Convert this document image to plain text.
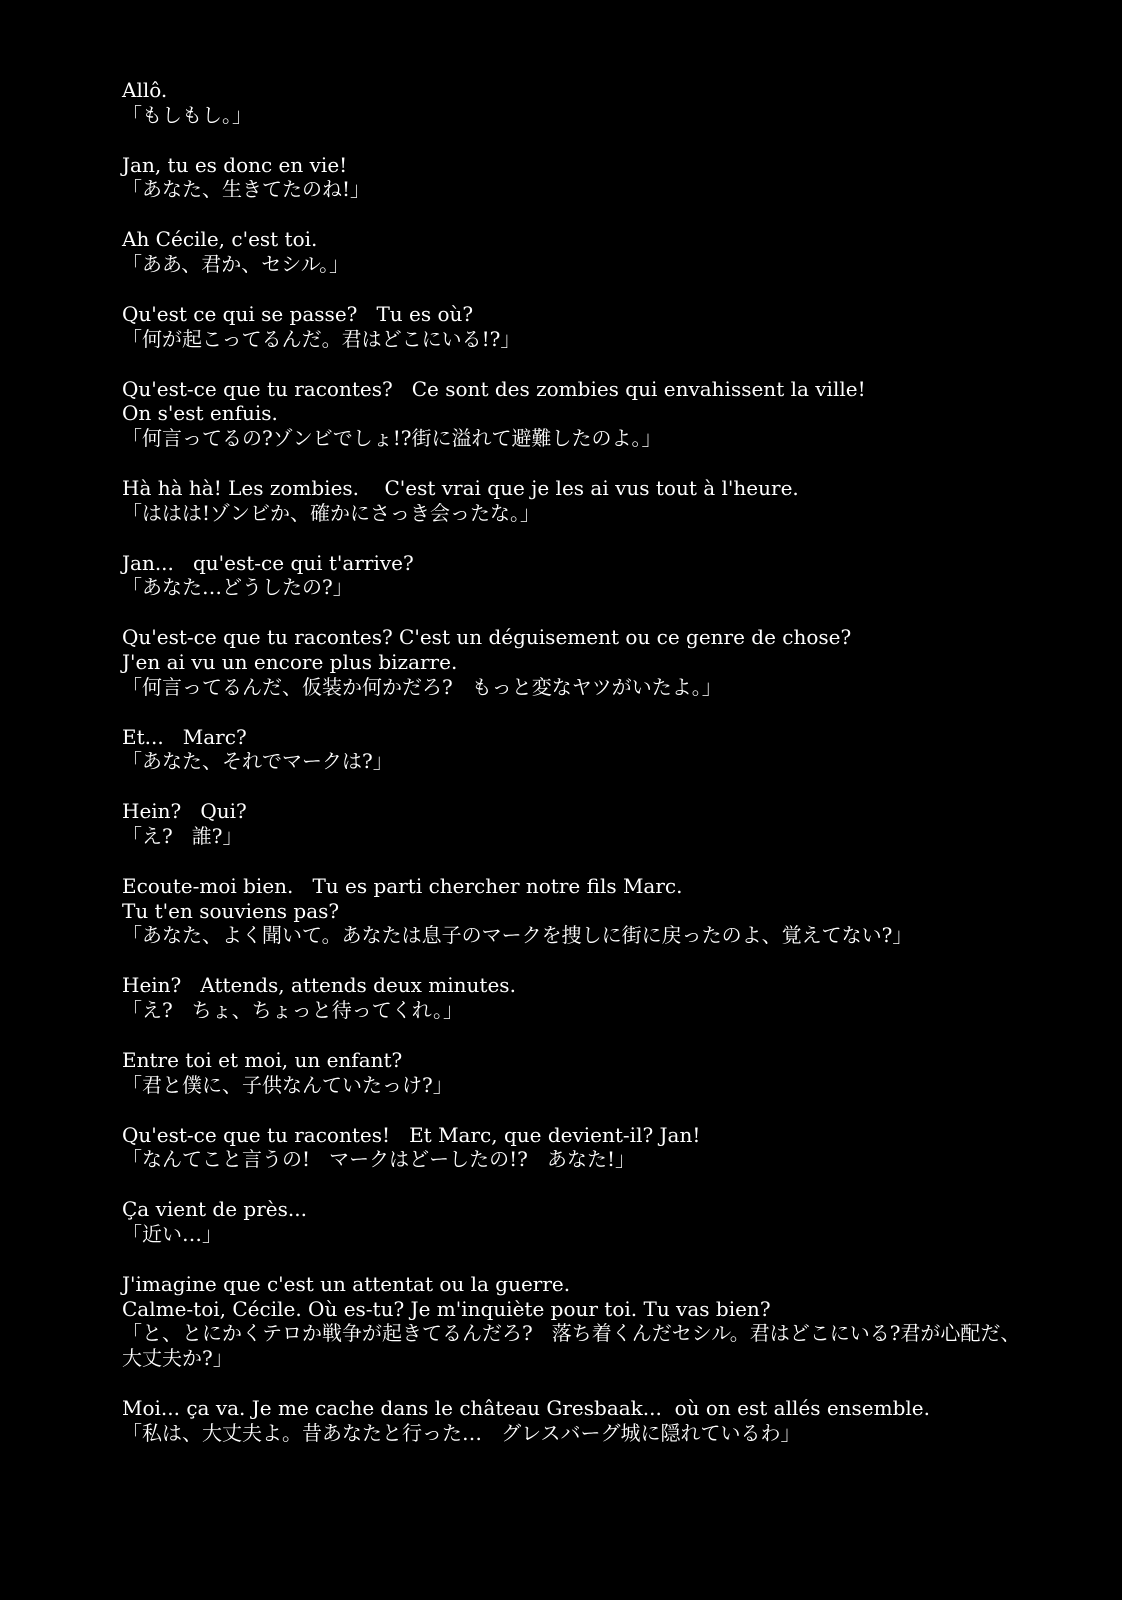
Allô.
「もしもし。」
Jan, tu es donc en vie!
「あなた、生きてたのね!」
Ah Cécile, c'est toi.
「ああ、君か、セシル。」
Qu'est ce qui se passe?   Tu es où?
「何が起こってるんだ。君はどこにいる!?」
Qu'est-ce que tu racontes?   Ce sont des zombies qui envahissent la ville!
On s'est enfuis.
「何言ってるの?ゾンビでしょ!?街に溢れて避難したのよ。」
Hà hà hà! Les zombies.    C'est vrai que je les ai vus tout à l'heure.
「ははは!ゾンビか、確かにさっき会ったな。」
Jan...   qu'est-ce qui t'arrive?
「あなた…どうしたの?」
Qu'est-ce que tu racontes? C'est un déguisement ou ce genre de chose?
J'en ai vu un encore plus bizarre.
「何言ってるんだ、仮装か何かだろ?   もっと変なヤツがいたよ。」
Et...   Marc?
「あなた、それでマークは?」
Hein?   Qui?
「え?   誰?」
Ecoute-moi bien.   Tu es parti chercher notre fils Marc.
Tu t'en souviens pas?
「あなた、よく聞いて。あなたは息子のマークを捜しに街に戻ったのよ、覚えてない?」
Hein?   Attends, attends deux minutes.
「え?   ちょ、ちょっと待ってくれ。」
Entre toi et moi, un enfant?
「君と僕に、子供なんていたっけ?」
Qu'est-ce que tu racontes!   Et Marc, que devient-il? Jan!
「なんてこと言うの!   マークはどーしたの!?   あなた!」
Ça vient de près...
「近い…」
J'imagine que c'est un attentat ou la guerre.
Calme-toi, Cécile. Où es-tu? Je m'inquiète pour toi. Tu vas bien?
「と、とにかくテロか戦争が起きてるんだろ?   落ち着くんだセシル。君はどこにいる?君が心配だ、
大丈夫か?」
Moi... ça va. Je me cache dans le château Gresbaak...  où on est allés ensemble.
「私は、大丈夫よ。昔あなたと行った…   グレスバーグ城に隠れているわ」
